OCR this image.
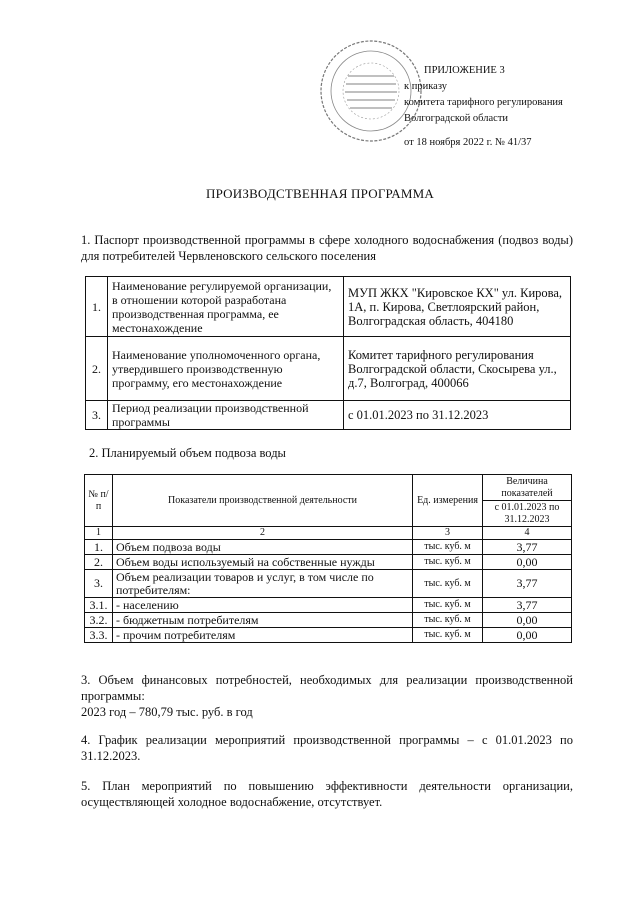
ПРИЛОЖЕНИЕ 3
к приказу
комитета тарифного регулирования
Волгоградской области
от 18 ноября 2022 г. № 41/37
ПРОИЗВОДСТВЕННАЯ ПРОГРАММА
1. Паспорт производственной программы в сфере холодного водоснабжения (подвоз воды) для потребителей Червленовского сельского поселения
1.	Наименование регулируемой организации, в отношении которой разработана производственная программа, ее местонахождение	МУП ЖКХ "Кировское КХ" ул. Кирова, 1А, п. Кирова, Светлоярский район, Волгоградская область, 404180
2.	Наименование уполномоченного органа, утвердившего производственную программу, его местонахождение	Комитет тарифного регулирования Волгоградской области, Скосырева ул., д.7, Волгоград, 400066
3.	Период реализации производственной программы	с 01.01.2023 по 31.12.2023
2. Планируемый объем подвоза воды
№ п/п	Показатели производственной деятельности	Ед. измерения	Величина показателей
			с 01.01.2023 по 31.12.2023
1	2	3	4
1.	Объем подвоза воды	тыс. куб. м	3,77
2.	Объем воды используемый на собственные нужды	тыс. куб. м	0,00
3.	Объем реализации товаров и услуг, в том числе по потребителям:	тыс. куб. м	3,77
3.1.	- населению	тыс. куб. м	3,77
3.2.	- бюджетным потребителям	тыс. куб. м	0,00
3.3.	- прочим потребителям	тыс. куб. м	0,00
3. Объем финансовых потребностей, необходимых для реализации производственной программы:
2023 год – 780,79 тыс. руб. в год
4. График реализации мероприятий производственной программы – с 01.01.2023 по 31.12.2023.
5. План мероприятий по повышению эффективности деятельности организации, осуществляющей холодное водоснабжение, отсутствует.
